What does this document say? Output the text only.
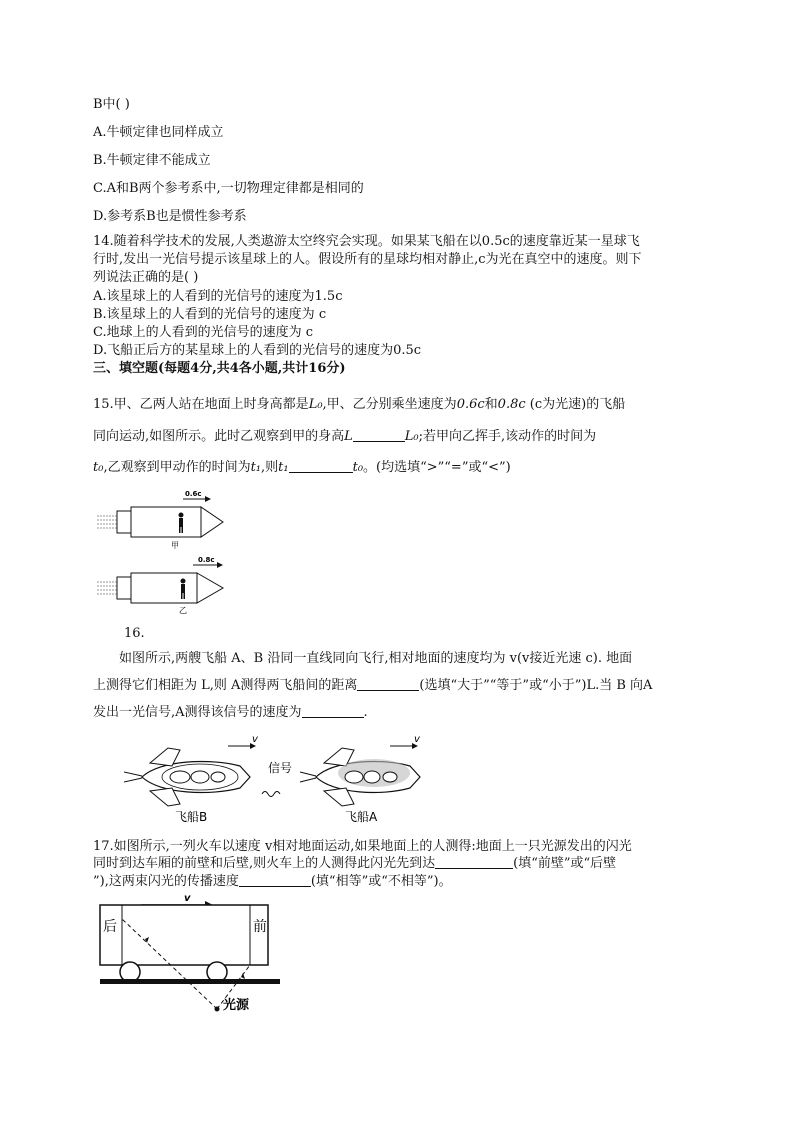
B中( )
A.牛顿定律也同样成立
B.牛顿定律不能成立
C.A和B两个参考系中,一切物理定律都是相同的
D.参考系B也是惯性参考系
14.随着科学技术的发展,人类遨游太空终究会实现。如果某飞船在以0.5c的速度靠近某一星球飞
行时,发出一光信号提示该星球上的人。假设所有的星球均相对静止,c为光在真空中的速度。则下
列说法正确的是( )
A.该星球上的人看到的光信号的速度为1.5c
B.该星球上的人看到的光信号的速度为 c
C.地球上的人看到的光信号的速度为 c
D.飞船正后方的某星球上的人看到的光信号的速度为0.5c
三、填空题(每题4分,共4各小题,共计16分)
15.甲、乙两人站在地面上时身高都是L₀,甲、乙分别乘坐速度为0.6c和0.8c (c为光速)的飞船
同向运动,如图所示。此时乙观察到甲的身高L	L₀;若甲向乙挥手,该动作的时间为
t₀,乙观察到甲动作的时间为t₁,则t₁	t₀。(均选填“>”“=”或“<”)
0.6c
甲
0.8c
乙
16.
如图所示,两艘飞船 A、B 沿同一直线同向飞行,相对地面的速度均为 v(v接近光速 c). 地面
上测得它们相距为 L,则 A测得两飞船间的距离	(选填“大于”“等于”或“小于”)L.当 B 向A
发出一光信号,A测得该信号的速度为	.
v
飞船B
信号
v
飞船A
17.如图所示,一列火车以速度 v相对地面运动,如果地面上的人测得:地面上一只光源发出的闪光
同时到达车厢的前壁和后壁,则火车上的人测得此闪光先到达	(填“前壁”或“后壁
”),这两束闪光的传播速度	(填“相等”或“不相等”)。
v
后	前
光源
